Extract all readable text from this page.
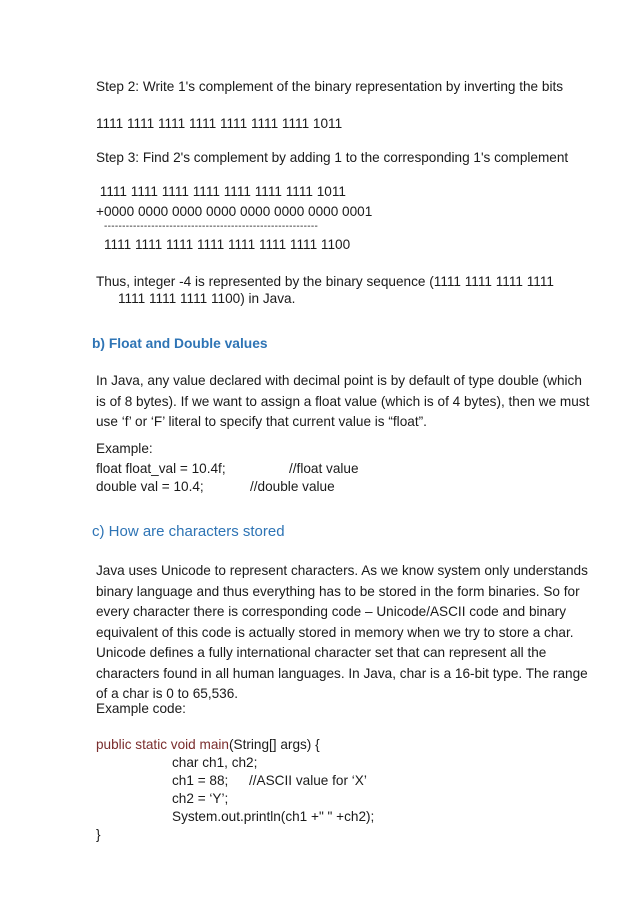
Step 2: Write 1's complement of the binary representation by inverting the bits
1111 1111 1111 1111 1111 1111 1111 1011
Step 3: Find 2's complement by adding 1 to the corresponding 1's complement
1111 1111 1111 1111 1111 1111 1111 1011
+0000 0000 0000 0000 0000 0000 0000 0001
-----------------------------------------------------------
1111 1111 1111 1111 1111 1111 1111 1100

Thus, integer -4 is represented by the binary sequence (1111 1111 1111 1111

1111 1111 1111 1100) in Java.
b) Float and Double values

In Java, any value declared with decimal point is by default of type double (which

is of 8 bytes). If we want to assign a float value (which is of 4 bytes), then we must

use ‘f’ or ‘F’ literal to specify that current value is “float”.

Example:
float float_val = 10.4f;	//float value
double val = 10.4;	//double value
c) How are characters stored

Java uses Unicode to represent characters. As we know system only understands

binary language and thus everything has to be stored in the form binaries. So for

every character there is corresponding code – Unicode/ASCII code and binary

equivalent of this code is actually stored in memory when we try to store a char.

Unicode defines a fully international character set that can represent all the

characters found in all human languages. In Java, char is a 16-bit type. The range

of a char is 0 to 65,536.

Example code:
public static void main(String[] args) {
char ch1, ch2;
ch1 = 88; //ASCII value for ‘X’
ch2 = ‘Y’;
System.out.println(ch1 +" " +ch2);
}
